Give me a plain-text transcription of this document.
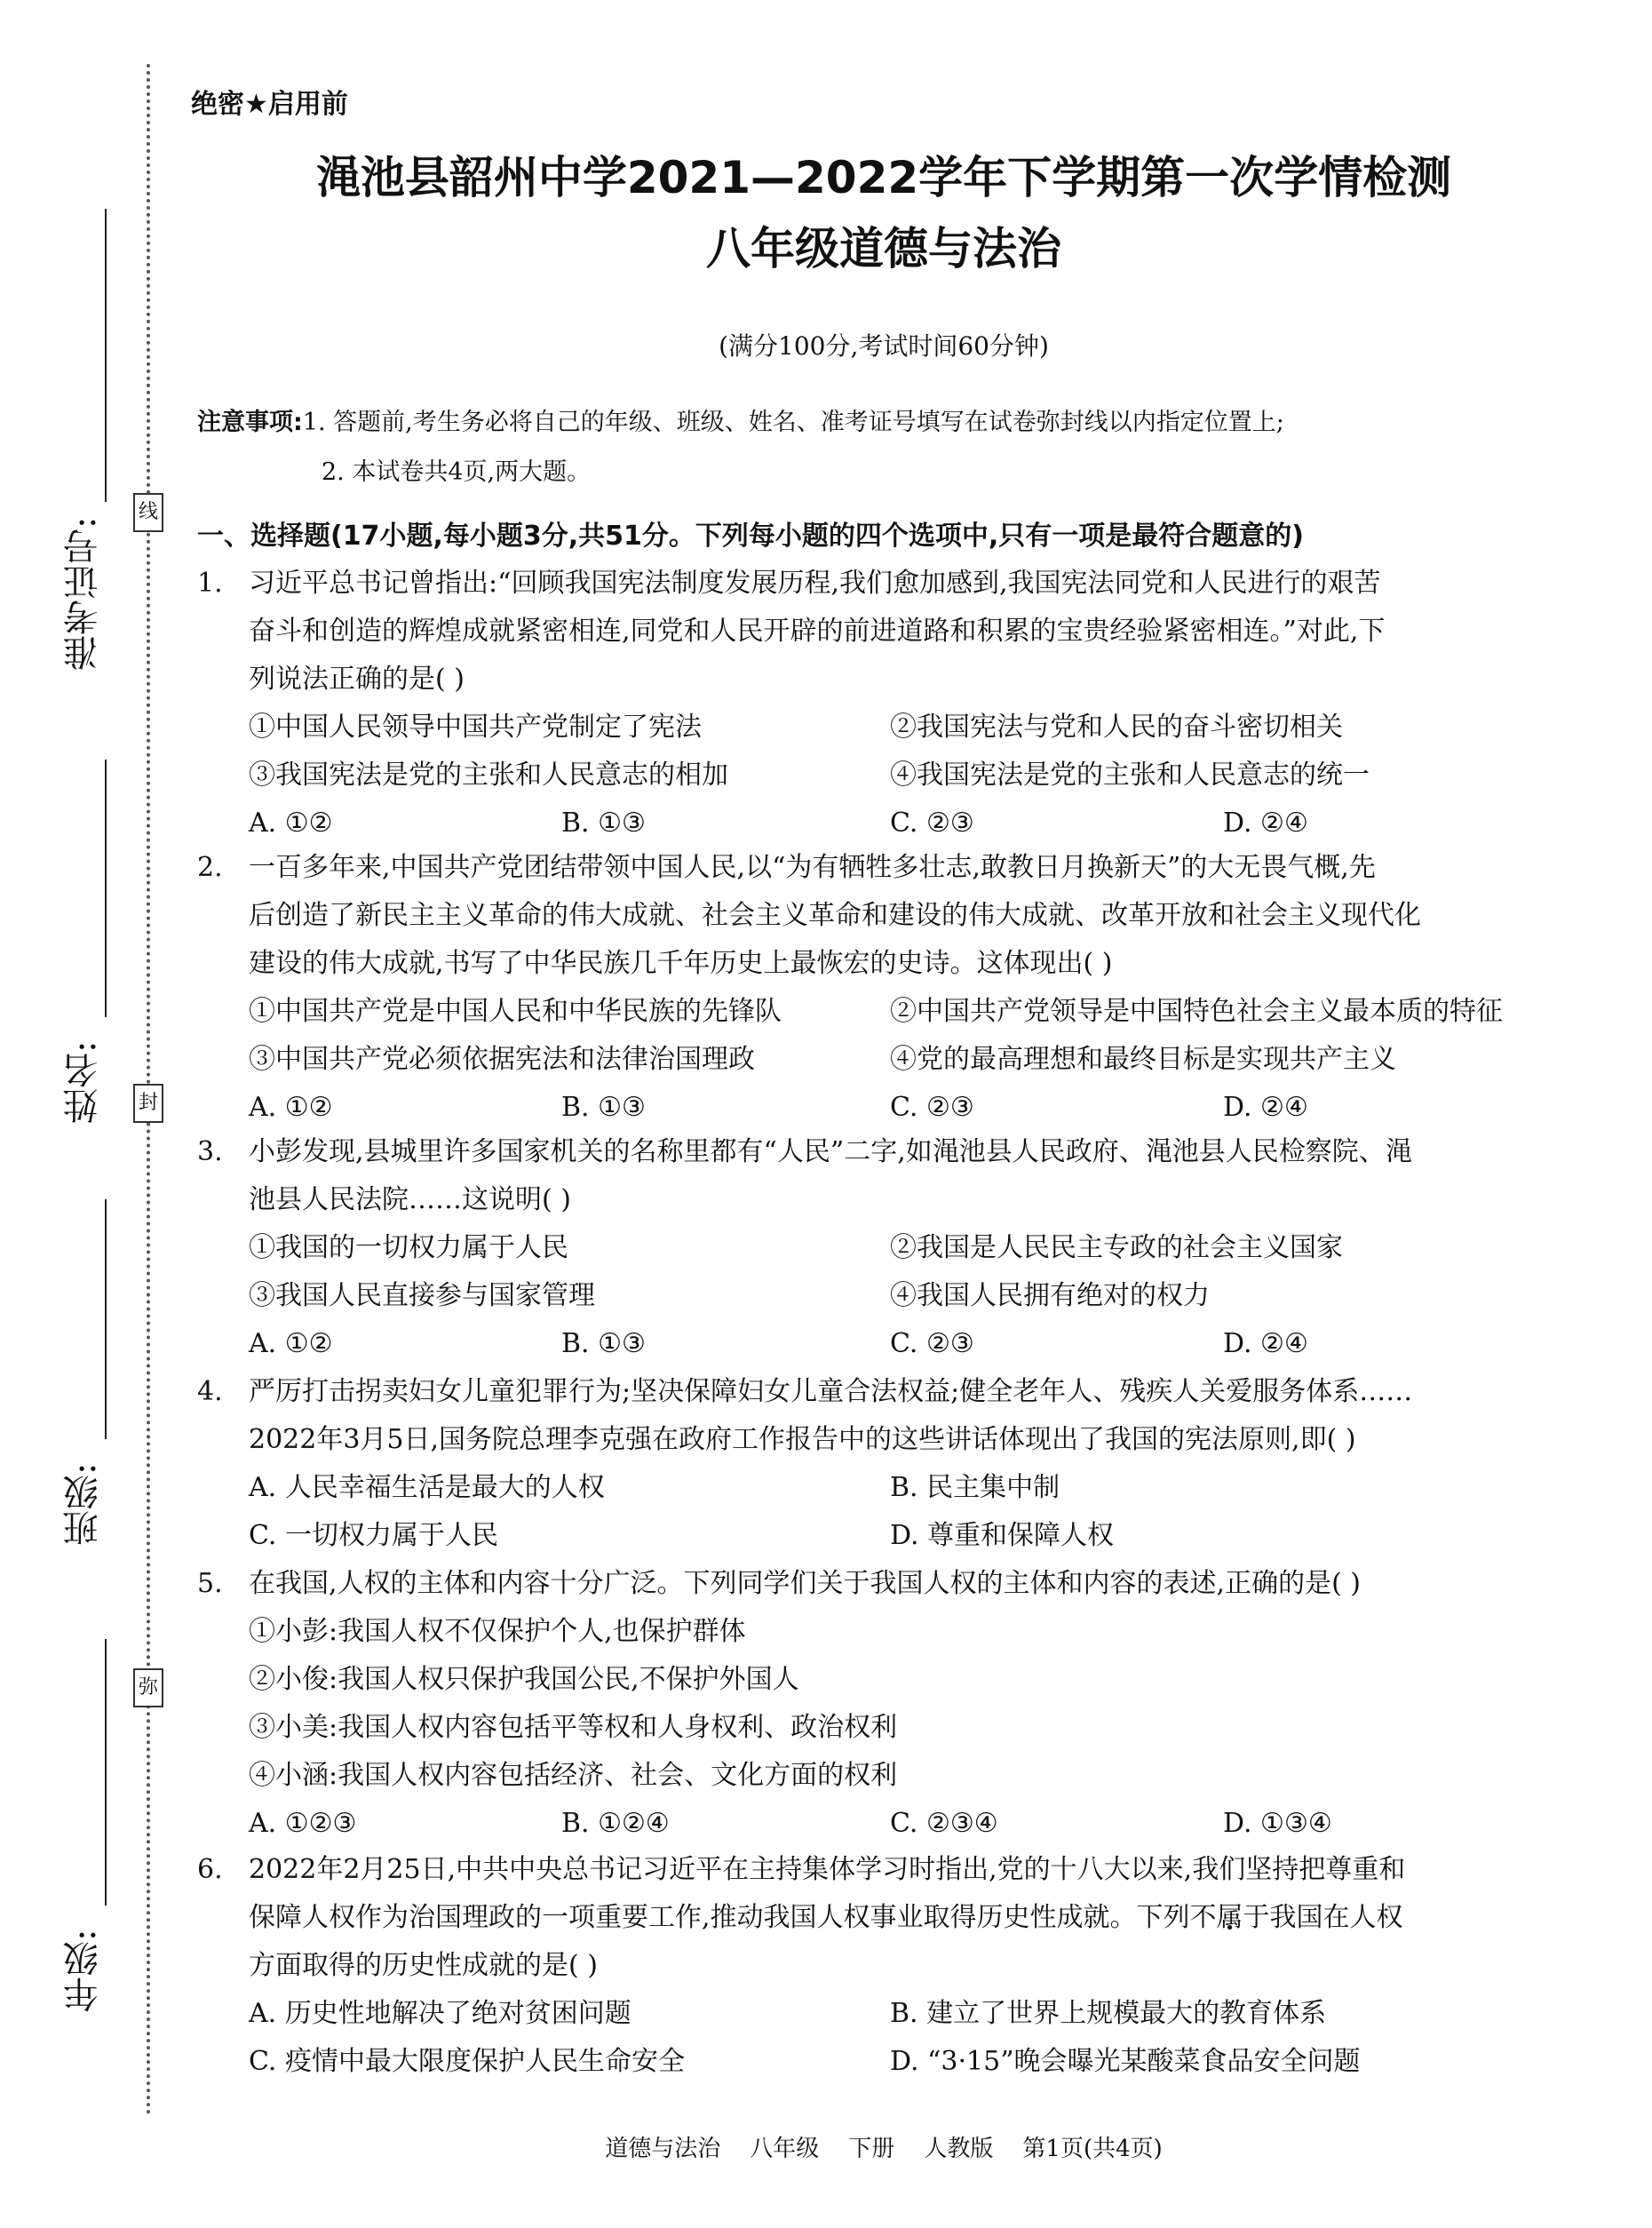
线
封
弥
准考证号:
姓名:
班级:
年级:
绝密★启用前
渑池县韶州中学2021—2022学年下学期第一次学情检测
八年级道德与法治
(满分100分,考试时间60分钟)
注意事项:1. 答题前,考生务必将自己的年级、班级、姓名、准考证号填写在试卷弥封线以内指定位置上;
2. 本试卷共4页,两大题。
一、选择题(17小题,每小题3分,共51分。下列每小题的四个选项中,只有一项是最符合题意的)
1. 习近平总书记曾指出:“回顾我国宪法制度发展历程,我们愈加感到,我国宪法同党和人民进行的艰苦
奋斗和创造的辉煌成就紧密相连,同党和人民开辟的前进道路和积累的宝贵经验紧密相连。”对此,下
列说法正确的是( )
①中国人民领导中国共产党制定了宪法	②我国宪法与党和人民的奋斗密切相关
③我国宪法是党的主张和人民意志的相加	④我国宪法是党的主张和人民意志的统一
A. ①②	B. ①③	C. ②③	D. ②④
2. 一百多年来,中国共产党团结带领中国人民,以“为有牺牲多壮志,敢教日月换新天”的大无畏气概,先
后创造了新民主主义革命的伟大成就、社会主义革命和建设的伟大成就、改革开放和社会主义现代化
建设的伟大成就,书写了中华民族几千年历史上最恢宏的史诗。这体现出( )
①中国共产党是中国人民和中华民族的先锋队	②中国共产党领导是中国特色社会主义最本质的特征
③中国共产党必须依据宪法和法律治国理政	④党的最高理想和最终目标是实现共产主义
A. ①②	B. ①③	C. ②③	D. ②④
3. 小彭发现,县城里许多国家机关的名称里都有“人民”二字,如渑池县人民政府、渑池县人民检察院、渑
池县人民法院……这说明( )
①我国的一切权力属于人民	②我国是人民民主专政的社会主义国家
③我国人民直接参与国家管理	④我国人民拥有绝对的权力
A. ①②	B. ①③	C. ②③	D. ②④
4. 严厉打击拐卖妇女儿童犯罪行为;坚决保障妇女儿童合法权益;健全老年人、残疾人关爱服务体系……
2022年3月5日,国务院总理李克强在政府工作报告中的这些讲话体现出了我国的宪法原则,即( )
A. 人民幸福生活是最大的人权	B. 民主集中制
C. 一切权力属于人民	D. 尊重和保障人权
5. 在我国,人权的主体和内容十分广泛。下列同学们关于我国人权的主体和内容的表述,正确的是( )
①小彭:我国人权不仅保护个人,也保护群体
②小俊:我国人权只保护我国公民,不保护外国人
③小美:我国人权内容包括平等权和人身权利、政治权利
④小涵:我国人权内容包括经济、社会、文化方面的权利
A. ①②③	B. ①②④	C. ②③④	D. ①③④
6. 2022年2月25日,中共中央总书记习近平在主持集体学习时指出,党的十八大以来,我们坚持把尊重和
保障人权作为治国理政的一项重要工作,推动我国人权事业取得历史性成就。下列不属于我国在人权
方面取得的历史性成就的是( )
A. 历史性地解决了绝对贫困问题	B. 建立了世界上规模最大的教育体系
C. 疫情中最大限度保护人民生命安全	D. “3·15”晚会曝光某酸菜食品安全问题
道德与法治    八年级    下册    人教版    第1页(共4页)
